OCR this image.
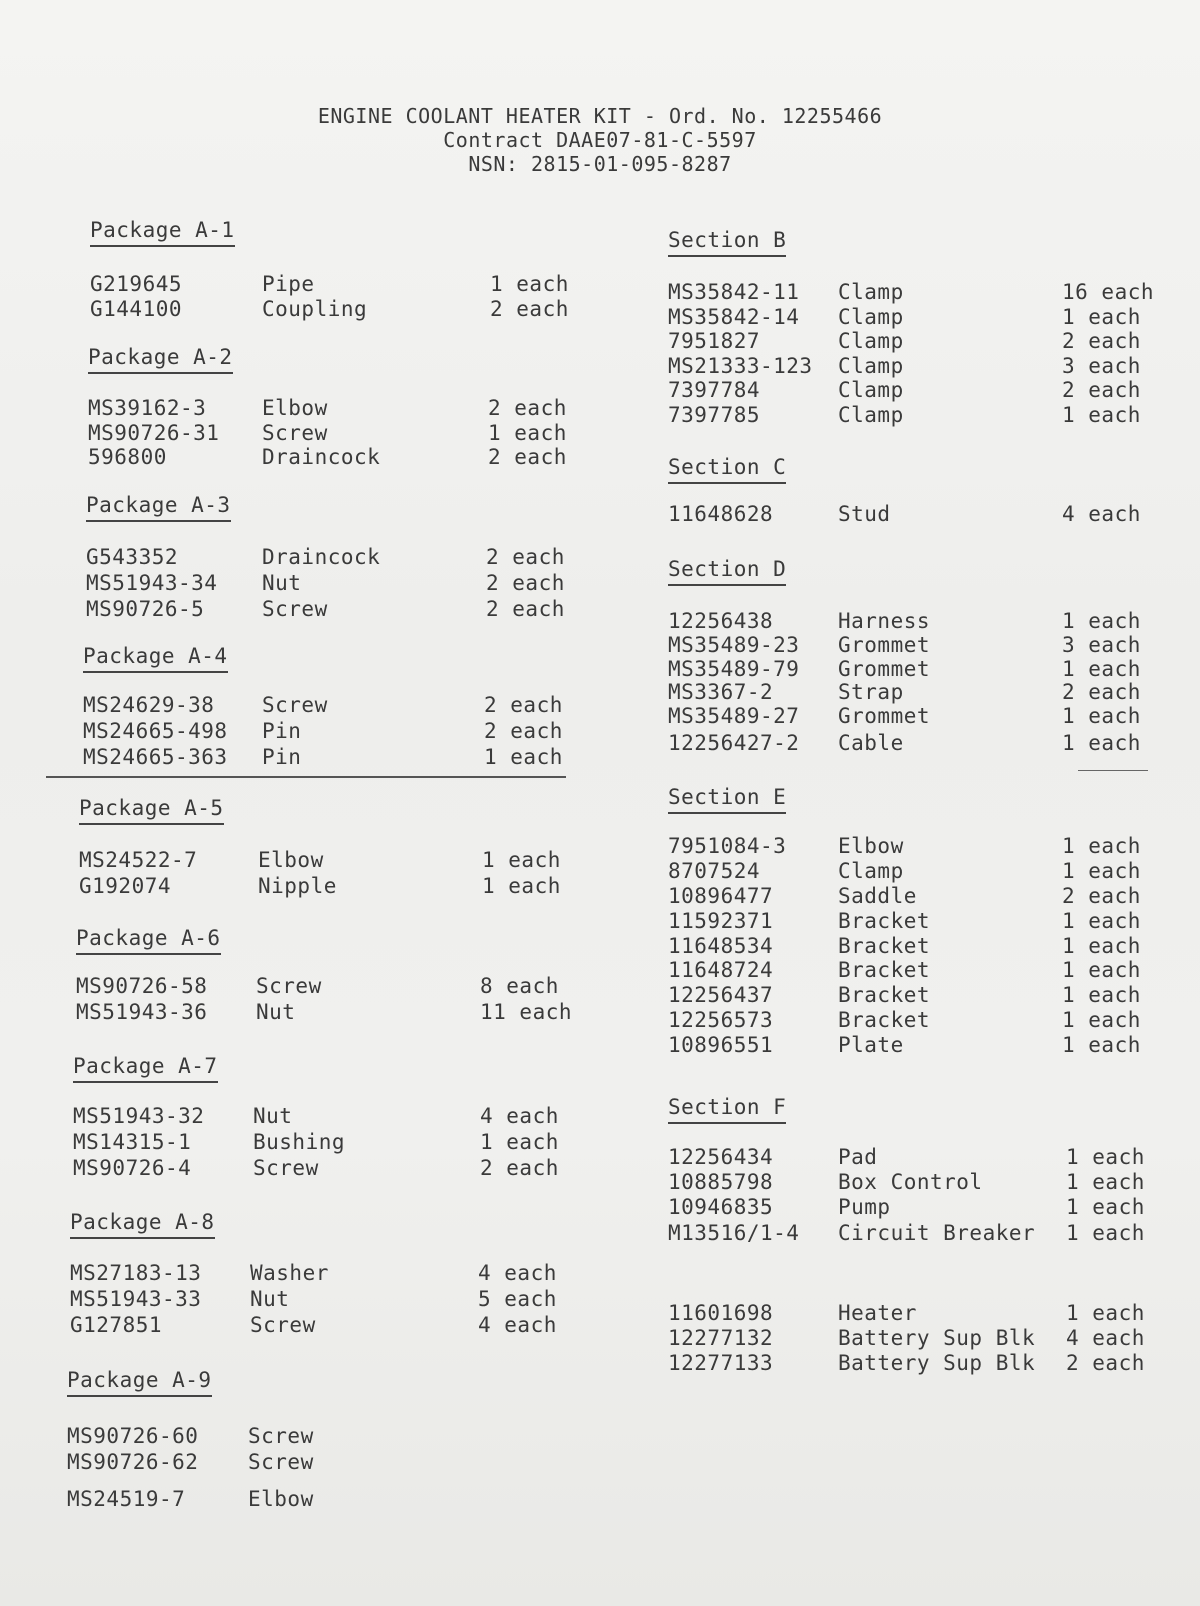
ENGINE COOLANT HEATER KIT - Ord. No. 12255466
Contract DAAE07-81-C-5597
NSN: 2815-01-095-8287
Package A-1
G219645	Pipe	1 each
G144100	Coupling	2 each
Package A-2
MS39162-3	Elbow	2 each
MS90726-31 Screw	1 each
596800	Draincock	2 each
Package A-3
G543352	Draincock	2 each
MS51943-34 Nut	2 each
MS90726-5	Screw	2 each
Package A-4
MS24629-38 Screw	2 each
MS24665-498 Pin	2 each
MS24665-363 Pin	1 each
Package A-5
MS24522-7	Elbow	1 each
G192074	Nipple	1 each
Package A-6
MS90726-58 Screw	8 each
MS51943-36 Nut	11 each
Package A-7
MS51943-32 Nut	4 each
MS14315-1	Bushing	1 each
MS90726-4	Screw	2 each
Package A-8
MS27183-13 Washer	4 each
MS51943-33 Nut	5 each
G127851	Screw	4 each
Package A-9
MS90726-60 Screw
MS90726-62 Screw
MS24519-7	Elbow
Section B
MS35842-11 Clamp	16 each
MS35842-14 Clamp	1 each
7951827	Clamp	2 each
MS21333-123 Clamp	3 each
7397784	Clamp	2 each
7397785	Clamp	1 each
Section C
11648628	Stud	4 each
Section D
12256438	Harness	1 each
MS35489-23 Grommet	3 each
MS35489-79 Grommet	1 each
MS3367-2	Strap	2 each
MS35489-27 Grommet	1 each
12256427-2 Cable	1 each
Section E
7951084-3 Elbow	1 each
8707524	Clamp	1 each
10896477	Saddle	2 each
11592371	Bracket	1 each
11648534	Bracket	1 each
11648724	Bracket	1 each
12256437	Bracket	1 each
12256573	Bracket	1 each
10896551	Plate	1 each
Section F
12256434	Pad	1 each
10885798	Box Control	1 each
10946835	Pump	1 each
M13516/1-4 Circuit Breaker 1 each
11601698	Heater	1 each
12277132	Battery Sup Blk 4 each
12277133	Battery Sup Blk 2 each
